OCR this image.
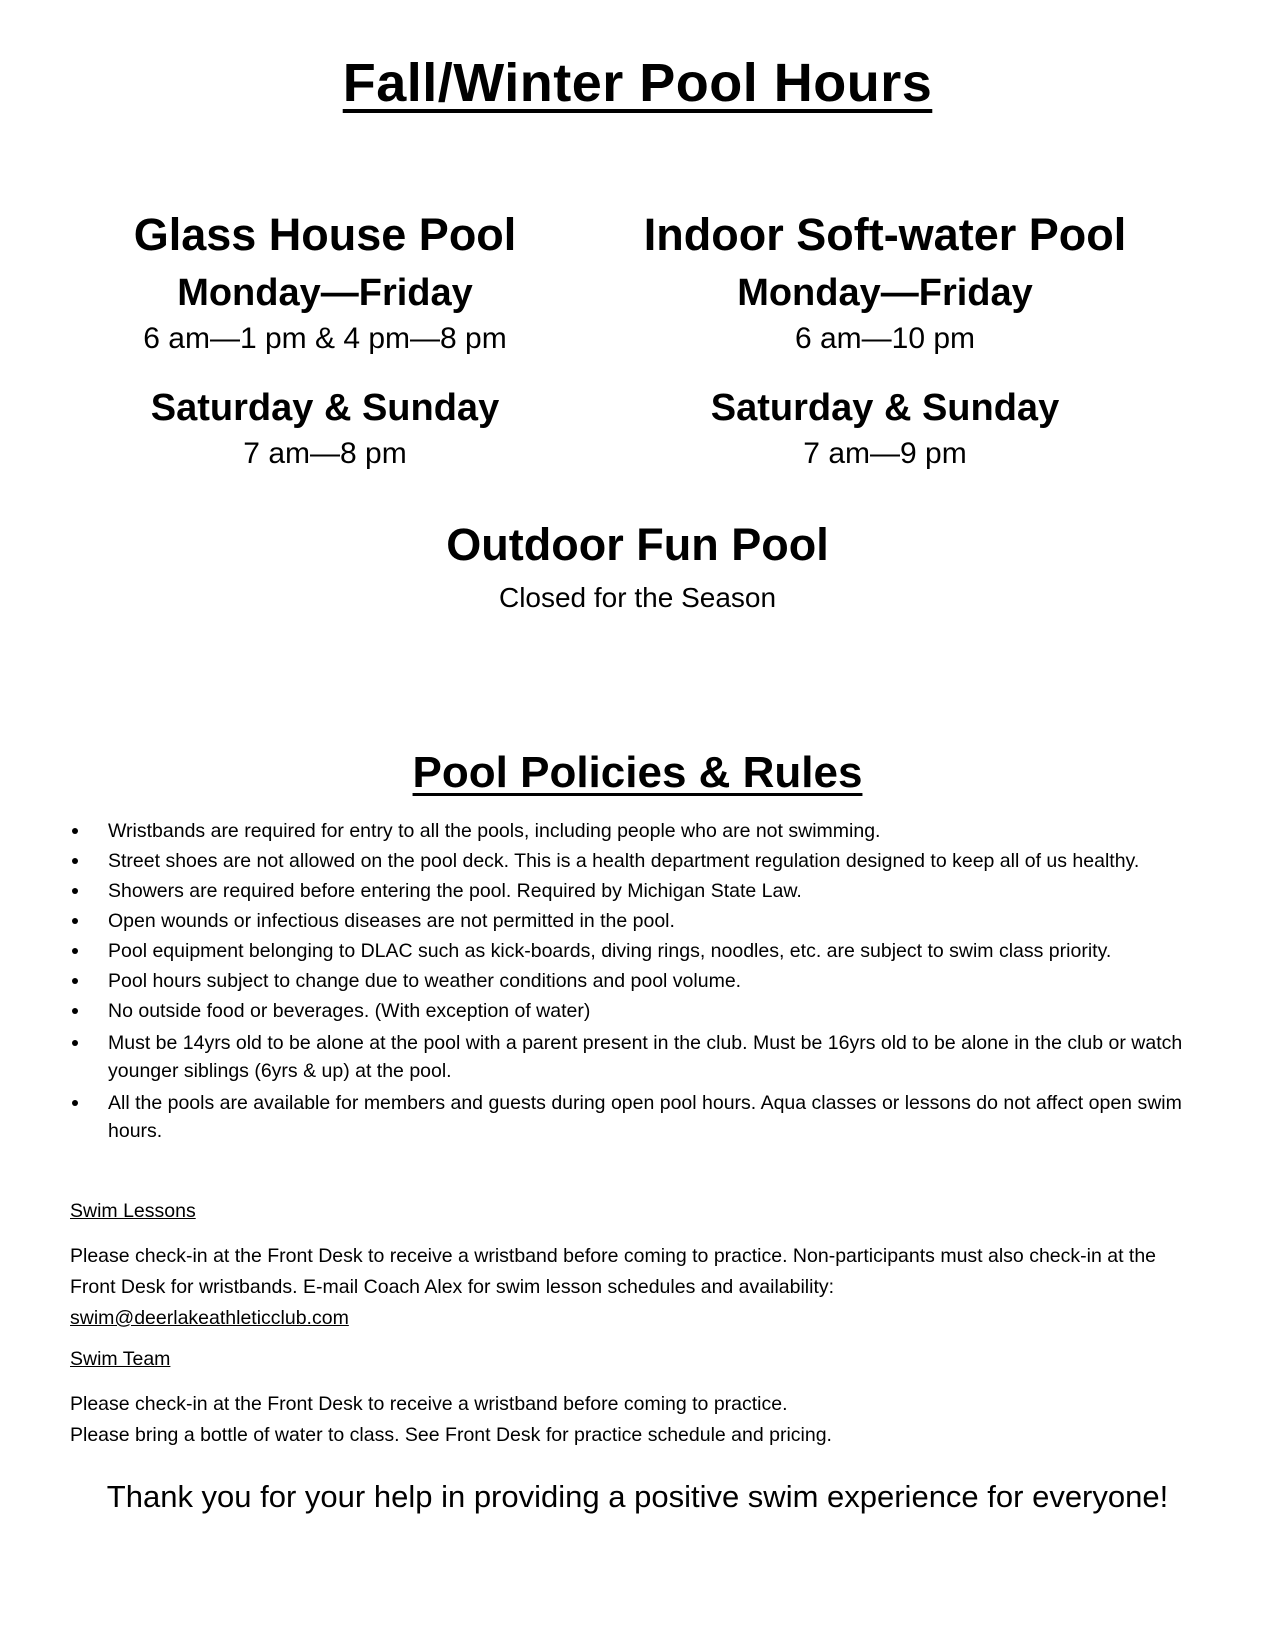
Fall/Winter Pool Hours
Glass House Pool
Monday—Friday
6 am—1 pm & 4 pm—8 pm
Saturday & Sunday
7 am—8 pm
Indoor Soft-water Pool
Monday—Friday
6 am—10 pm
Saturday & Sunday
7 am—9 pm
Outdoor Fun Pool
Closed for the Season
Pool Policies & Rules
Wristbands are required for entry to all the pools, including people who are not swimming.
Street shoes are not allowed on the pool deck. This is a health department regulation designed to keep all of us healthy.
Showers are required before entering the pool. Required by Michigan State Law.
Open wounds or infectious diseases are not permitted in the pool.
Pool equipment belonging to DLAC such as kick-boards, diving rings, noodles, etc. are subject to swim class priority.
Pool hours subject to change due to weather conditions and pool volume.
No outside food or beverages. (With exception of water)
Must be 14yrs old to be alone at the pool with a parent present in the club. Must be 16yrs old to be alone in the club or watch younger siblings (6yrs & up) at the pool.
All the pools are available for members and guests during open pool hours. Aqua classes or lessons do not affect open swim hours.
Swim Lessons
Please check-in at the Front Desk to receive a wristband before coming to practice. Non-participants must also check-in at the Front Desk for wristbands. E-mail Coach Alex for swim lesson schedules and availability:
swim@deerlakeathleticclub.com
Swim Team
Please check-in at the Front Desk to receive a wristband before coming to practice.
Please bring a bottle of water to class. See Front Desk for practice schedule and pricing.
Thank you for your help in providing a positive swim experience for everyone!
